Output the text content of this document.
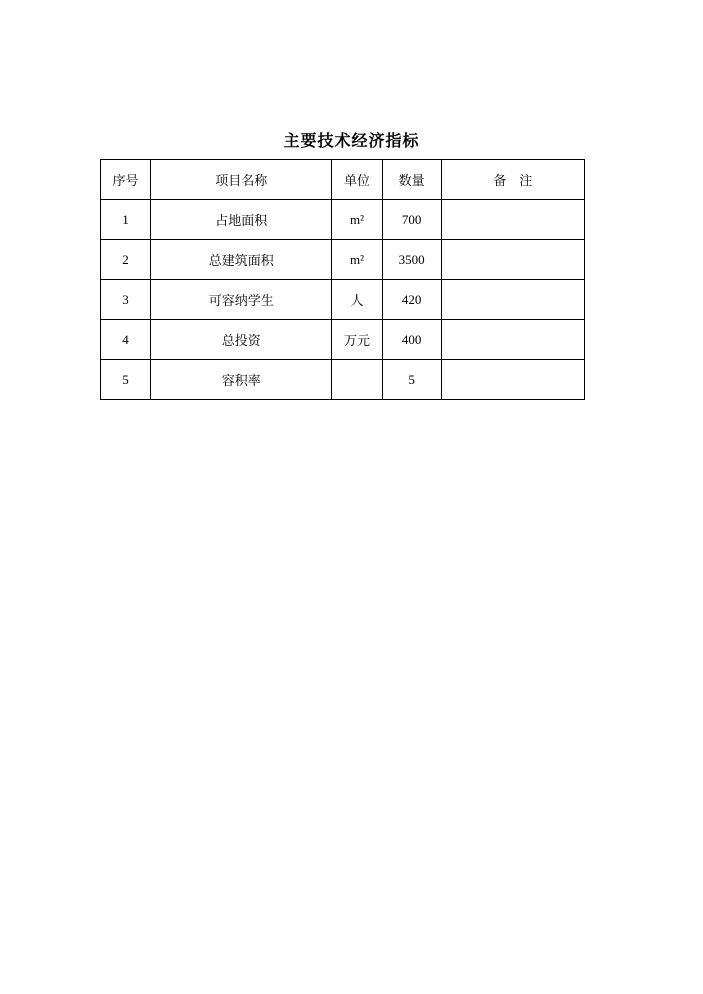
主要技术经济指标
序号	项目名称	单位	数量	备　注
1	占地面积	m²	700	
2	总建筑面积	m²	3500	
3	可容纳学生	人	420	
4	总投资	万元	400	
5	容积率		5	
